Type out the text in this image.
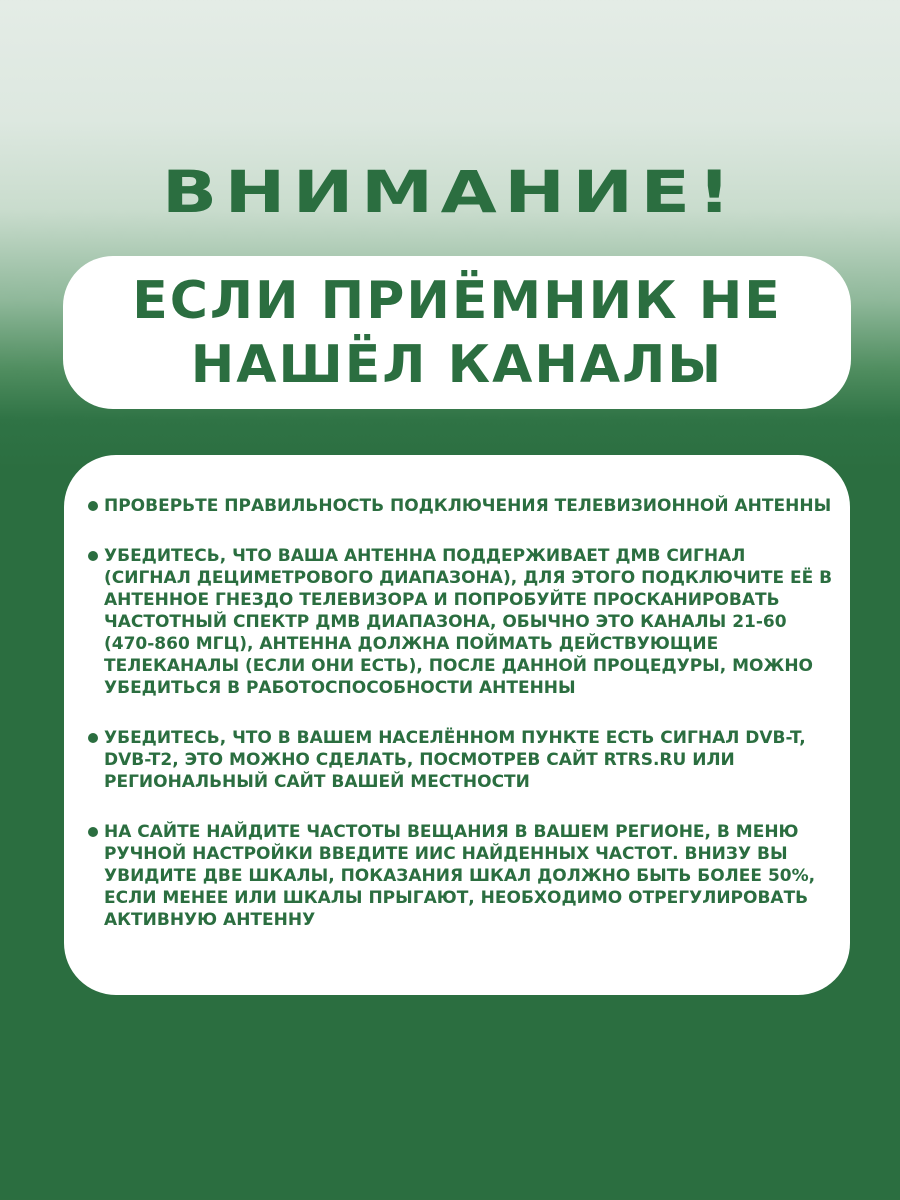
ВНИМАНИЕ!
ЕСЛИ ПРИЁМНИК НЕ
НАШЁЛ КАНАЛЫ
ПРОВЕРЬТЕ ПРАВИЛЬНОСТЬ ПОДКЛЮЧЕНИЯ ТЕЛЕВИЗИОННОЙ АНТЕННЫ
УБЕДИТЕСЬ, ЧТО ВАША АНТЕННА ПОДДЕРЖИВАЕТ ДМВ СИГНАЛ (СИГНАЛ ДЕЦИМЕТРОВОГО ДИАПАЗОНА), ДЛЯ ЭТОГО ПОДКЛЮЧИТЕ ЕЁ В АНТЕННОЕ ГНЕЗДО ТЕЛЕВИЗОРА И ПОПРОБУЙТЕ ПРОСКАНИРОВАТЬ ЧАСТОТНЫЙ СПЕКТР ДМВ ДИАПАЗОНА, ОБЫЧНО ЭТО КАНАЛЫ 21-60 (470-860 МГЦ), АНТЕННА ДОЛЖНА ПОЙМАТЬ ДЕЙСТВУЮЩИЕ ТЕЛЕКАНАЛЫ (ЕСЛИ ОНИ ЕСТЬ), ПОСЛЕ ДАННОЙ ПРОЦЕДУРЫ, МОЖНО УБЕДИТЬСЯ В РАБОТОСПОСОБНОСТИ АНТЕННЫ
УБЕДИТЕСЬ, ЧТО В ВАШЕМ НАСЕЛЁННОМ ПУНКТЕ ЕСТЬ СИГНАЛ DVB-T, DVB-T2, ЭТО МОЖНО СДЕЛАТЬ, ПОСМОТРЕВ САЙТ RTRS.RU ИЛИ РЕГИОНАЛЬНЫЙ САЙТ ВАШЕЙ МЕСТНОСТИ
НА САЙТЕ НАЙДИТЕ ЧАСТОТЫ ВЕЩАНИЯ В ВАШЕМ РЕГИОНЕ, В МЕНЮ РУЧНОЙ НАСТРОЙКИ ВВЕДИТЕ ИИС НАЙДЕННЫХ ЧАСТОТ. ВНИЗУ ВЫ УВИДИТЕ ДВЕ ШКАЛЫ, ПОКАЗАНИЯ ШКАЛ ДОЛЖНО БЫТЬ БОЛЕЕ 50%, ЕСЛИ МЕНЕЕ ИЛИ ШКАЛЫ ПРЫГАЮТ, НЕОБХОДИМО ОТРЕГУЛИРОВАТЬ АКТИВНУЮ АНТЕННУ
